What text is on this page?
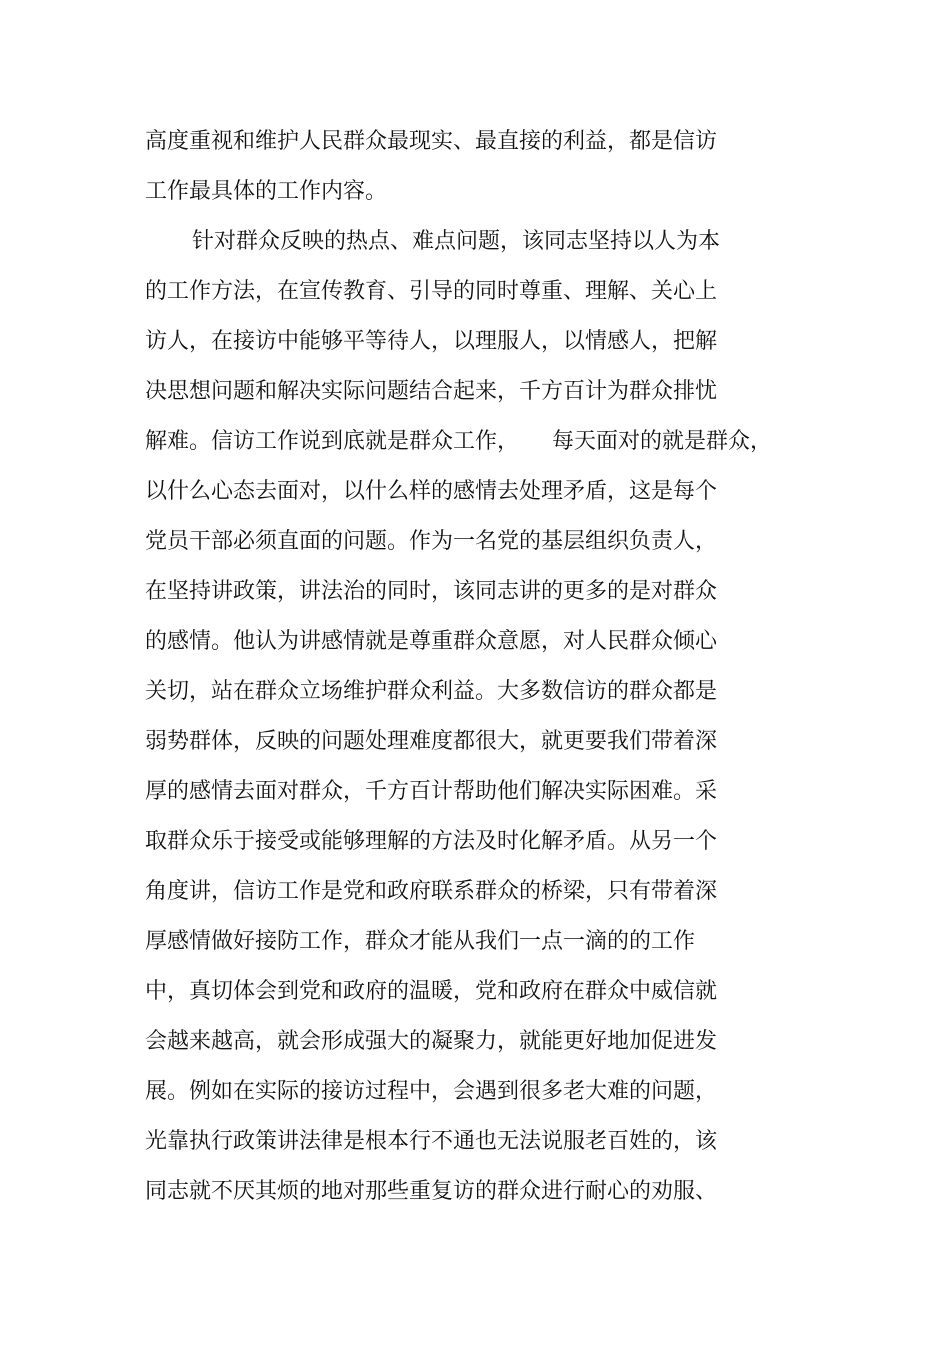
高度重视和维护人民群众最现实、最直接的利益，都是信访
工作最具体的工作内容。
针对群众反映的热点、难点问题，该同志坚持以人为本
的工作方法，在宣传教育、引导的同时尊重、理解、关心上
访人，在接访中能够平等待人，以理服人，以情感人，把解
决思想问题和解决实际问题结合起来，千方百计为群众排忧
解难。信访工作说到底就是群众工作，　　每天面对的就是群众，
以什么心态去面对，以什么样的感情去处理矛盾，这是每个
党员干部必须直面的问题。作为一名党的基层组织负责人，
在坚持讲政策，讲法治的同时，该同志讲的更多的是对群众
的感情。他认为讲感情就是尊重群众意愿，对人民群众倾心
关切，站在群众立场维护群众利益。大多数信访的群众都是
弱势群体，反映的问题处理难度都很大，就更要我们带着深
厚的感情去面对群众，千方百计帮助他们解决实际困难。采
取群众乐于接受或能够理解的方法及时化解矛盾。从另一个
角度讲，信访工作是党和政府联系群众的桥梁，只有带着深
厚感情做好接防工作，群众才能从我们一点一滴的的工作
中，真切体会到党和政府的温暖，党和政府在群众中威信就
会越来越高，就会形成强大的凝聚力，就能更好地加促进发
展。例如在实际的接访过程中，会遇到很多老大难的问题，
光靠执行政策讲法律是根本行不通也无法说服老百姓的，该
同志就不厌其烦的地对那些重复访的群众进行耐心的劝服、
